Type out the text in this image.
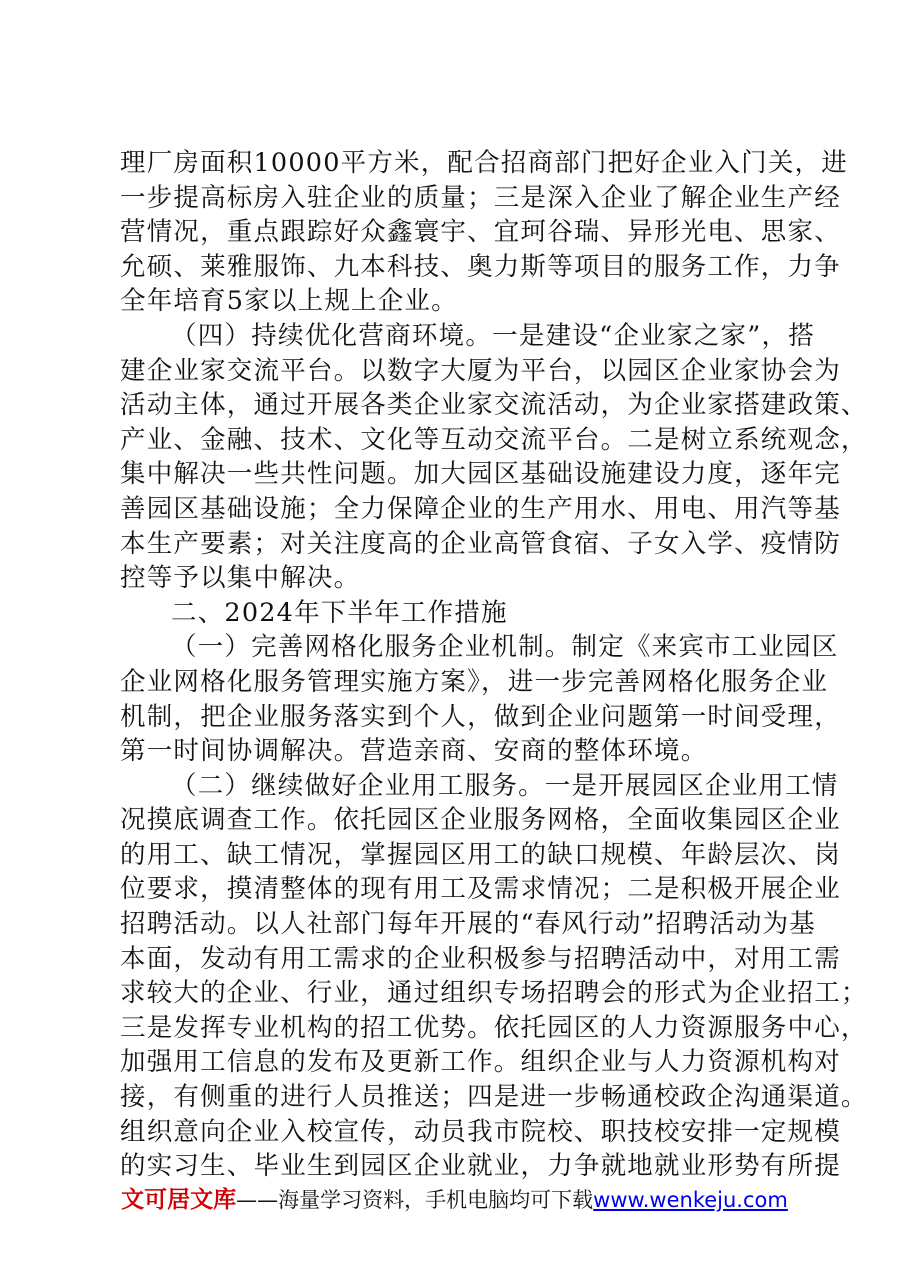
理厂房面积10000平方米，配合招商部门把好企业入门关，进
一步提高标房入驻企业的质量；三是深入企业了解企业生产经
营情况，重点跟踪好众鑫寰宇、宜珂谷瑞、异形光电、思家、
允硕、莱雅服饰、九本科技、奥力斯等项目的服务工作，力争
全年培育5家以上规上企业。
（四）持续优化营商环境。一是建设“企业家之家”，搭
建企业家交流平台。以数字大厦为平台，以园区企业家协会为
活动主体，通过开展各类企业家交流活动，为企业家搭建政策、
产业、金融、技术、文化等互动交流平台。二是树立系统观念，
集中解决一些共性问题。加大园区基础设施建设力度，逐年完
善园区基础设施；全力保障企业的生产用水、用电、用汽等基
本生产要素；对关注度高的企业高管食宿、子女入学、疫情防
控等予以集中解决。
二、2024年下半年工作措施
（一）完善网格化服务企业机制。制定《来宾市工业园区
企业网格化服务管理实施方案》，进一步完善网格化服务企业
机制，把企业服务落实到个人，做到企业问题第一时间受理，
第一时间协调解决。营造亲商、安商的整体环境。
（二）继续做好企业用工服务。一是开展园区企业用工情
况摸底调查工作。依托园区企业服务网格，全面收集园区企业
的用工、缺工情况，掌握园区用工的缺口规模、年龄层次、岗
位要求，摸清整体的现有用工及需求情况；二是积极开展企业
招聘活动。以人社部门每年开展的“春风行动”招聘活动为基
本面，发动有用工需求的企业积极参与招聘活动中，对用工需
求较大的企业、行业，通过组织专场招聘会的形式为企业招工；
三是发挥专业机构的招工优势。依托园区的人力资源服务中心，
加强用工信息的发布及更新工作。组织企业与人力资源机构对
接，有侧重的进行人员推送；四是进一步畅通校政企沟通渠道。
组织意向企业入校宣传，动员我市院校、职技校安排一定规模
的实习生、毕业生到园区企业就业，力争就地就业形势有所提
文可居文库——海量学习资料，手机电脑均可下载www.wenkeju.com
